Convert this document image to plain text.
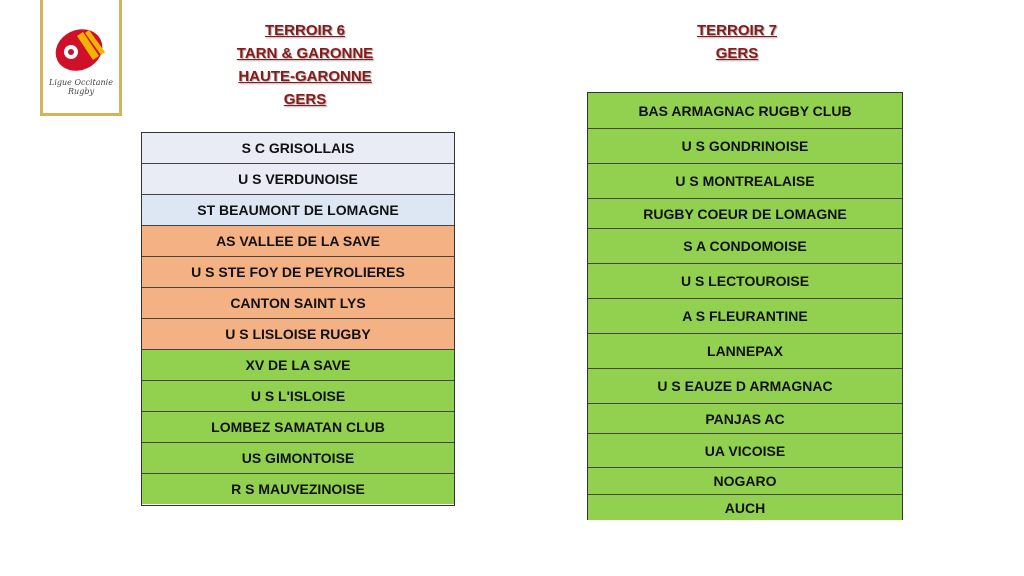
Ligue Occitanie Rugby
TERROIR 6
TARN & GARONNE
HAUTE-GARONNE
GERS
TERROIR 7
GERS
S C GRISOLLAIS
U S VERDUNOISE
ST BEAUMONT DE LOMAGNE
AS VALLEE DE LA SAVE
U S STE FOY DE PEYROLIERES
CANTON SAINT LYS
U S LISLOISE RUGBY
XV DE LA SAVE
U S L'ISLOISE
LOMBEZ SAMATAN CLUB
US GIMONTOISE
R S MAUVEZINOISE
BAS ARMAGNAC RUGBY CLUB
U S GONDRINOISE
U S MONTREALAISE
RUGBY COEUR DE LOMAGNE
S A CONDOMOISE
U S LECTOUROISE
A S FLEURANTINE
LANNEPAX
U S EAUZE D ARMAGNAC
PANJAS AC
UA VICOISE
NOGARO
AUCH
